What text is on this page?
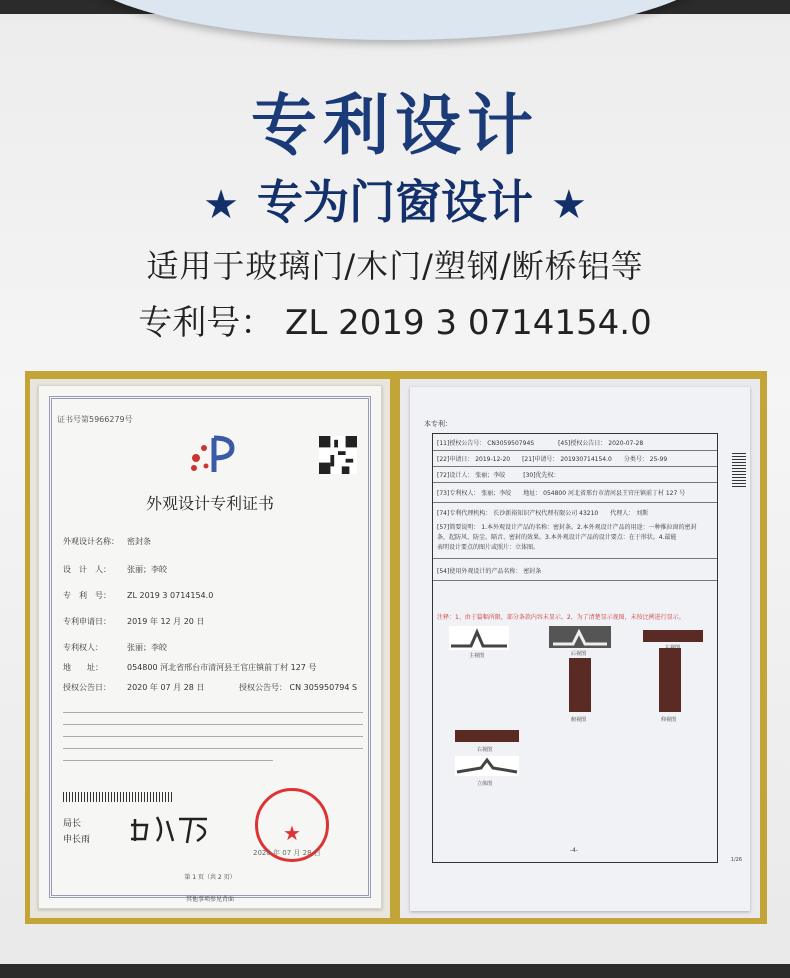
专利设计
★ 专为门窗设计 ★
适用于玻璃门/木门/塑钢/断桥铝等
专利号： ZL 2019 3 0714154.0
证书号第5966279号
外观设计专利证书
外观设计名称： 密封条
设　计　人： 张丽；李皎
专　利　号： ZL 2019 3 0714154.0
专利申请日： 2019 年 12 月 20 日
专利权人：	张丽；李皎
地　　址：	054800 河北省邢台市清河县王官庄镇前丁村 127 号
授权公告日： 2020 年 07 月 28 日	授权公告号： CN 305950794 S
局长
申长雨	★
2020 年 07 月 28 日
第 1 页（共 2 页）
其他事项参见背面
本专利：
[11]授权公告号： CN305950794S　　　　[45]授权公告日： 2020-07-28
[22]申请日： 2019-12-20　　[21]申请号： 201930714154.0　　分类号： 25-99
[72]设计人： 张丽；李皎　　　[30]优先权：
[73]专利权人： 张丽；李皎　　地址： 054800 河北省邢台市清河县王官庄镇前丁村 127 号
[74]专利代理机构： 长沙新裕知识产权代理有限公司 43210　　代理人： 刘斯
[57]简要说明： 1.本外观设计产品的名称：密封条。2.本外观设计产品的用途：一种推拉窗的密封
条，起防风、防尘、隔音、密封的效果。3.本外观设计产品的设计要点：在于形状。4.最能
表明设计要点的图片或照片：立体图。
[54]使用外观设计的产品名称： 密封条
注释：1、由于篇幅所限，部分条款内容未显示。2、为了清楚显示视图，未按比例进行显示。
主视图	后视图
俯视图	仰视图
右视图
立体图
-4-
1/26
